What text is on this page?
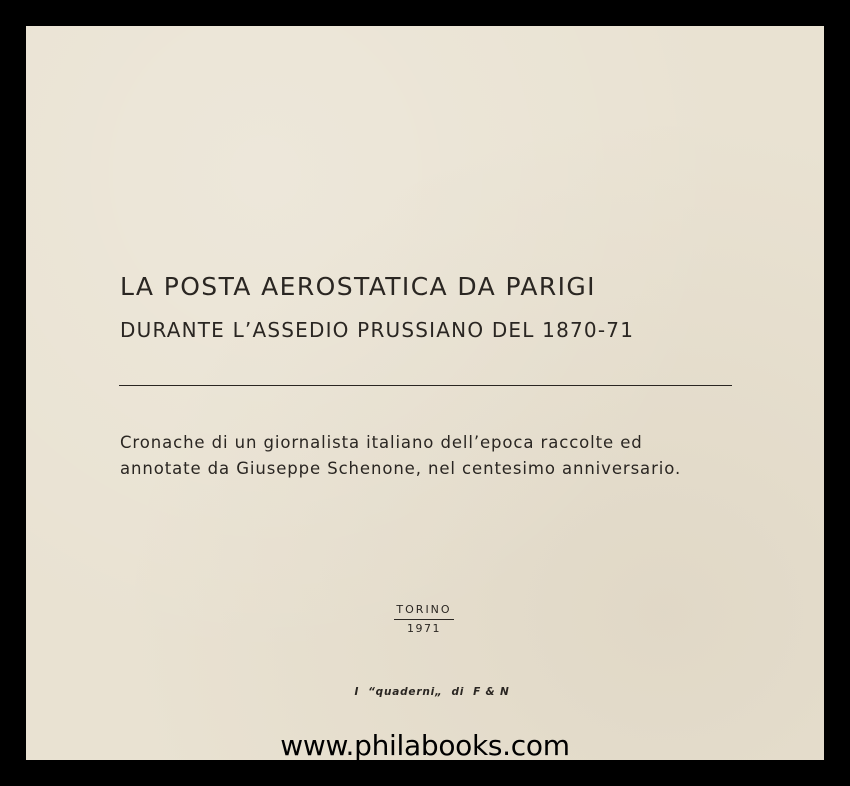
LA POSTA AEROSTATICA DA PARIGI
DURANTE L’ASSEDIO PRUSSIANO DEL 1870-71

Cronache di un giornalista italiano dell’epoca raccolte ed
annotate da Giuseppe Schenone, nel centesimo anniversario.

TORINO
1971
I  “quaderni„  di  F & N
www.philabooks.com
